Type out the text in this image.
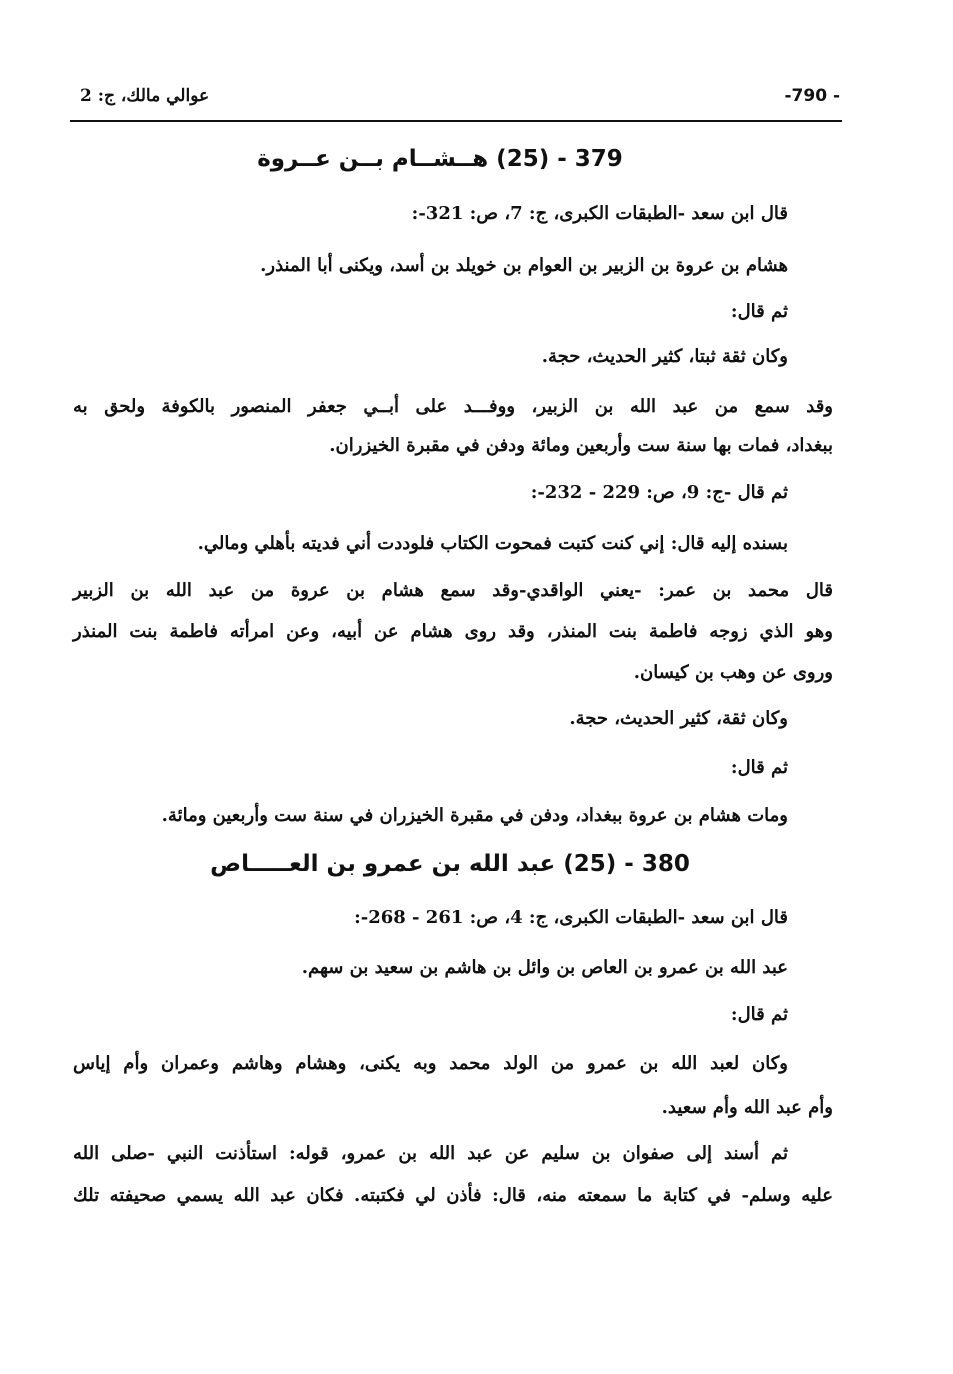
-790 -
عوالي مالك، ج: 2
379 - (25) هــشــام بــن عــروة
قال ابن سعد -الطبقات الكبرى، ج: 7، ص: 321-:
هشام بن عروة بن الزبير بن العوام بن خويلد بن أسد، ويكنى أبا المنذر.
ثم قال:
وكان ثقة ثبتا، كثير الحديث، حجة.
وقد سمع من عبد الله بن الزبير، ووفـــد على أبــي جعفر المنصور بالكوفة ولحق به
ببغداد، فمات بها سنة ست وأربعين ومائة ودفن في مقبرة الخيزران.
ثم قال -ج: 9، ص: 229 - 232-:
بسنده إليه قال: إني كنت كتبت فمحوت الكتاب فلوددت أني فديته بأهلي ومالي.
قال محمد بن عمر: -يعني الواقدي-وقد سمع هشام بن عروة من عبد الله بن الزبير
وهو الذي زوجه فاطمة بنت المنذر، وقد روى هشام عن أبيه، وعن امرأته فاطمة بنت المنذر
وروى عن وهب بن كيسان.
وكان ثقة، كثير الحديث، حجة.
ثم قال:
ومات هشام بن عروة ببغداد، ودفن في مقبرة الخيزران في سنة ست وأربعين ومائة.
380 - (25) عبد الله بن عمرو بن العـــــاص
قال ابن سعد -الطبقات الكبرى، ج: 4، ص: 261 - 268-:
عبد الله بن عمرو بن العاص بن وائل بن هاشم بن سعيد بن سهم.
ثم قال:
وكان لعبد الله بن عمرو من الولد محمد وبه يكنى، وهشام وهاشم وعمران وأم إياس
وأم عبد الله وأم سعيد.
ثم أسند إلى صفوان بن سليم عن عبد الله بن عمرو، قوله: استأذنت النبي -صلى الله
عليه وسلم- في كتابة ما سمعته منه، قال: فأذن لي فكتبته. فكان عبد الله يسمي صحيفته تلك
